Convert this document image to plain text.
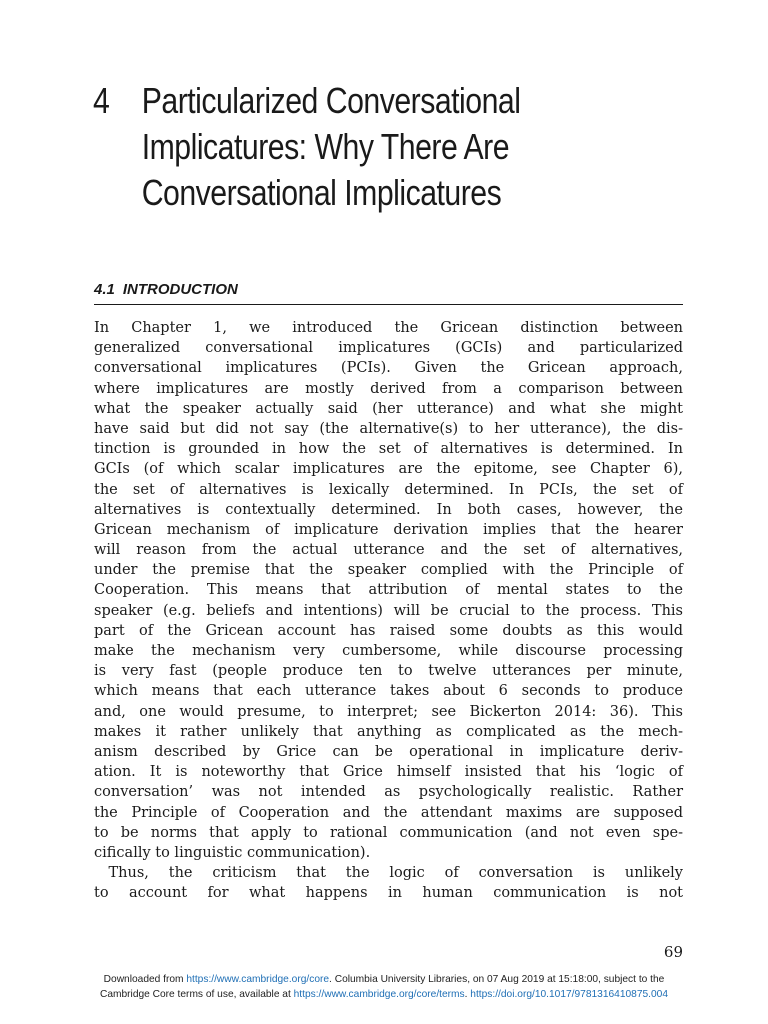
4 Particularized Conversational
Implicatures: Why There Are
Conversational Implicatures
4.1 INTRODUCTION
In Chapter 1, we introduced the Gricean distinction between
generalized conversational implicatures (GCIs) and particularized
conversational implicatures (PCIs). Given the Gricean approach,
where implicatures are mostly derived from a comparison between
what the speaker actually said (her utterance) and what she might
have said but did not say (the alternative(s) to her utterance), the dis-
tinction is grounded in how the set of alternatives is determined. In
GCIs (of which scalar implicatures are the epitome, see Chapter 6),
the set of alternatives is lexically determined. In PCIs, the set of
alternatives is contextually determined. In both cases, however, the
Gricean mechanism of implicature derivation implies that the hearer
will reason from the actual utterance and the set of alternatives,
under the premise that the speaker complied with the Principle of
Cooperation. This means that attribution of mental states to the
speaker (e.g. beliefs and intentions) will be crucial to the process. This
part of the Gricean account has raised some doubts as this would
make the mechanism very cumbersome, while discourse processing
is very fast (people produce ten to twelve utterances per minute,
which means that each utterance takes about 6 seconds to produce
and, one would presume, to interpret; see Bickerton 2014: 36). This
makes it rather unlikely that anything as complicated as the mech-
anism described by Grice can be operational in implicature deriv-
ation. It is noteworthy that Grice himself insisted that his ‘logic of
conversation’ was not intended as psychologically realistic. Rather
the Principle of Cooperation and the attendant maxims are supposed
to be norms that apply to rational communication (and not even spe-
cifically to linguistic communication).
 Thus, the criticism that the logic of conversation is unlikely
to account for what happens in human communication is not
69
Downloaded from https://www.cambridge.org/core. Columbia University Libraries, on 07 Aug 2019 at 15:18:00, subject to the
Cambridge Core terms of use, available at https://www.cambridge.org/core/terms. https://doi.org/10.1017/9781316410875.004
